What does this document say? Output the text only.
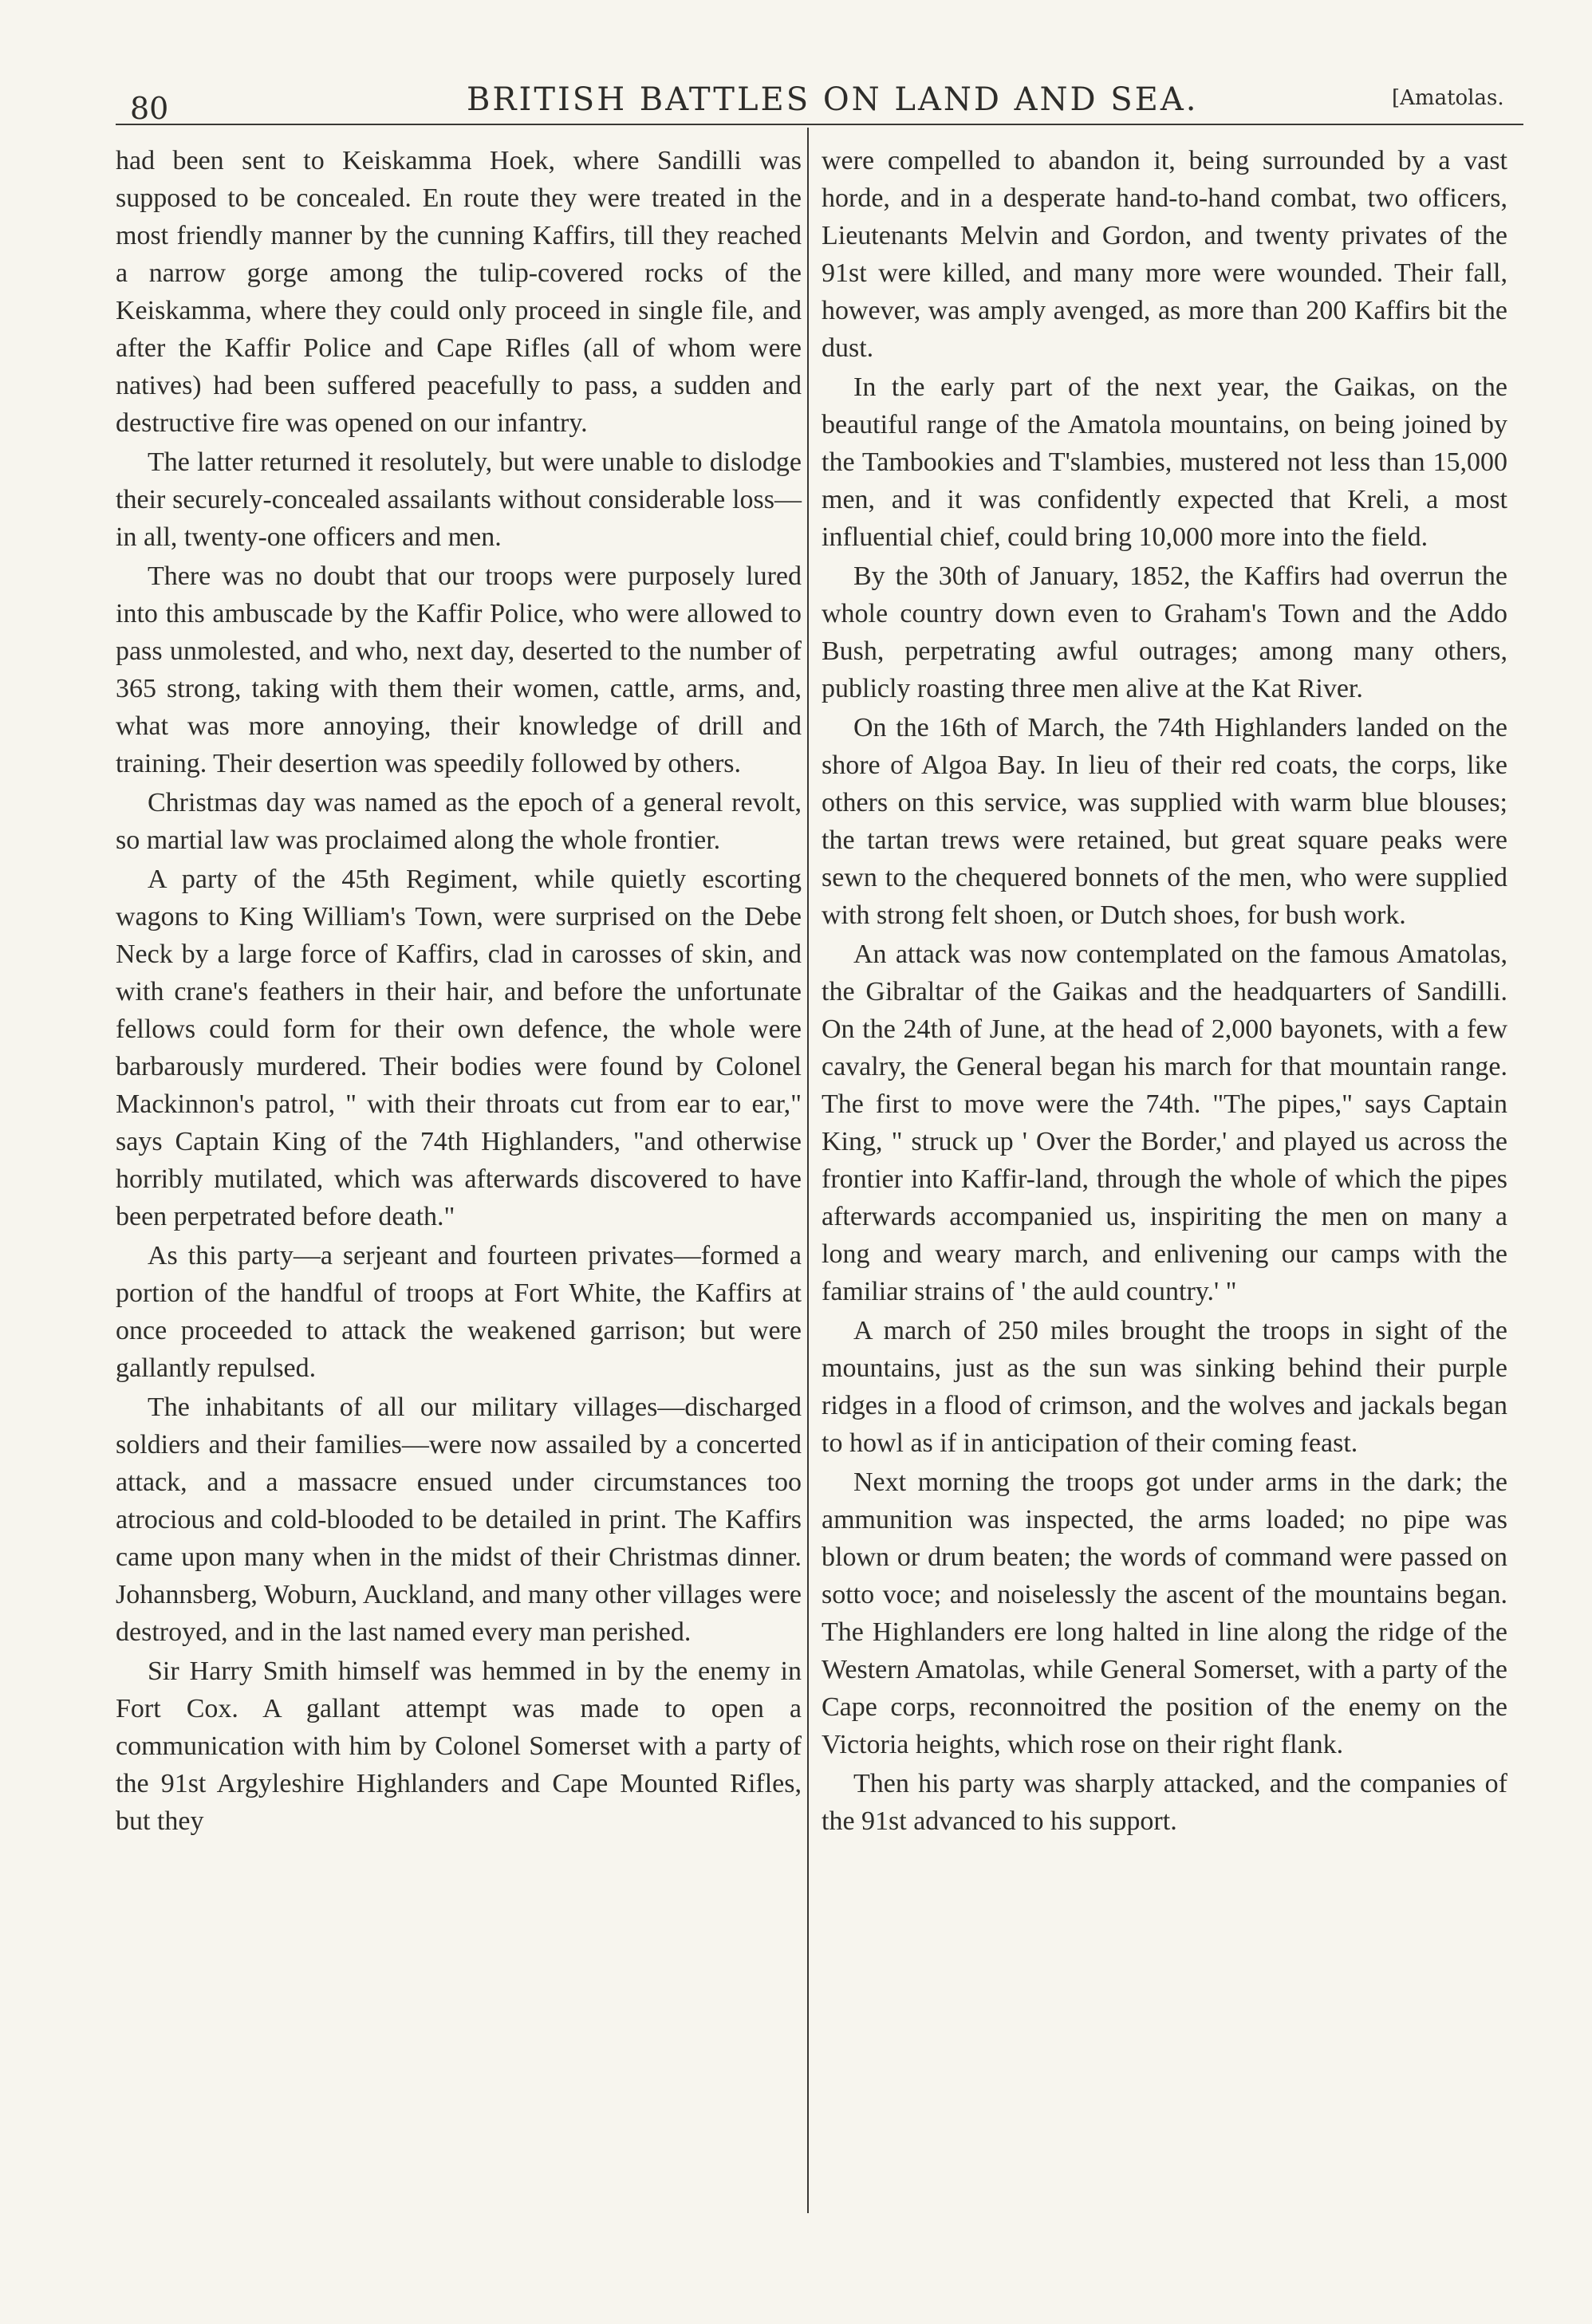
80	BRITISH BATTLES ON LAND AND SEA.	[Amatolas.

had been sent to Keiskamma Hoek, where Sandilli was supposed to be concealed. En route they were treated in the most friendly manner by the cunning Kaffirs, till they reached a narrow gorge among the tulip-covered rocks of the Keiskamma, where they could only proceed in single file, and after the Kaffir Police and Cape Rifles (all of whom were natives) had been suffered peacefully to pass, a sudden and destructive fire was opened on our infantry.

The latter returned it resolutely, but were unable to dislodge their securely-concealed assailants without considerable loss—in all, twenty-one officers and men.

There was no doubt that our troops were purposely lured into this ambuscade by the Kaffir Police, who were allowed to pass unmolested, and who, next day, deserted to the number of 365 strong, taking with them their women, cattle, arms, and, what was more annoying, their knowledge of drill and training. Their desertion was speedily followed by others.

Christmas day was named as the epoch of a general revolt, so martial law was proclaimed along the whole frontier.

A party of the 45th Regiment, while quietly escorting wagons to King William's Town, were surprised on the Debe Neck by a large force of Kaffirs, clad in carosses of skin, and with crane's feathers in their hair, and before the unfortunate fellows could form for their own defence, the whole were barbarously murdered. Their bodies were found by Colonel Mackinnon's patrol, " with their throats cut from ear to ear," says Captain King of the 74th Highlanders, "and otherwise horribly mutilated, which was afterwards discovered to have been perpetrated before death."

As this party—a serjeant and fourteen privates—formed a portion of the handful of troops at Fort White, the Kaffirs at once proceeded to attack the weakened garrison; but were gallantly repulsed.

The inhabitants of all our military villages—discharged soldiers and their families—were now assailed by a concerted attack, and a massacre ensued under circumstances too atrocious and cold-blooded to be detailed in print. The Kaffirs came upon many when in the midst of their Christmas dinner. Johannsberg, Woburn, Auckland, and many other villages were destroyed, and in the last named every man perished.

Sir Harry Smith himself was hemmed in by the enemy in Fort Cox. A gallant attempt was made to open a communication with him by Colonel Somerset with a party of the 91st Argyleshire Highlanders and Cape Mounted Rifles, but they

were compelled to abandon it, being surrounded by a vast horde, and in a desperate hand-to-hand combat, two officers, Lieutenants Melvin and Gordon, and twenty privates of the 91st were killed, and many more were wounded. Their fall, however, was amply avenged, as more than 200 Kaffirs bit the dust.

In the early part of the next year, the Gaikas, on the beautiful range of the Amatola mountains, on being joined by the Tambookies and T'slambies, mustered not less than 15,000 men, and it was confidently expected that Kreli, a most influential chief, could bring 10,000 more into the field.

By the 30th of January, 1852, the Kaffirs had overrun the whole country down even to Graham's Town and the Addo Bush, perpetrating awful outrages; among many others, publicly roasting three men alive at the Kat River.

On the 16th of March, the 74th Highlanders landed on the shore of Algoa Bay. In lieu of their red coats, the corps, like others on this service, was supplied with warm blue blouses; the tartan trews were retained, but great square peaks were sewn to the chequered bonnets of the men, who were supplied with strong felt shoen, or Dutch shoes, for bush work.

An attack was now contemplated on the famous Amatolas, the Gibraltar of the Gaikas and the headquarters of Sandilli. On the 24th of June, at the head of 2,000 bayonets, with a few cavalry, the General began his march for that mountain range. The first to move were the 74th. "The pipes," says Captain King, " struck up ' Over the Border,' and played us across the frontier into Kaffir-land, through the whole of which the pipes afterwards accompanied us, inspiriting the men on many a long and weary march, and enlivening our camps with the familiar strains of ' the auld country.' "

A march of 250 miles brought the troops in sight of the mountains, just as the sun was sinking behind their purple ridges in a flood of crimson, and the wolves and jackals began to howl as if in anticipation of their coming feast.

Next morning the troops got under arms in the dark; the ammunition was inspected, the arms loaded; no pipe was blown or drum beaten; the words of command were passed on sotto voce; and noiselessly the ascent of the mountains began. The Highlanders ere long halted in line along the ridge of the Western Amatolas, while General Somerset, with a party of the Cape corps, reconnoitred the position of the enemy on the Victoria heights, which rose on their right flank.

Then his party was sharply attacked, and the companies of the 91st advanced to his support.
